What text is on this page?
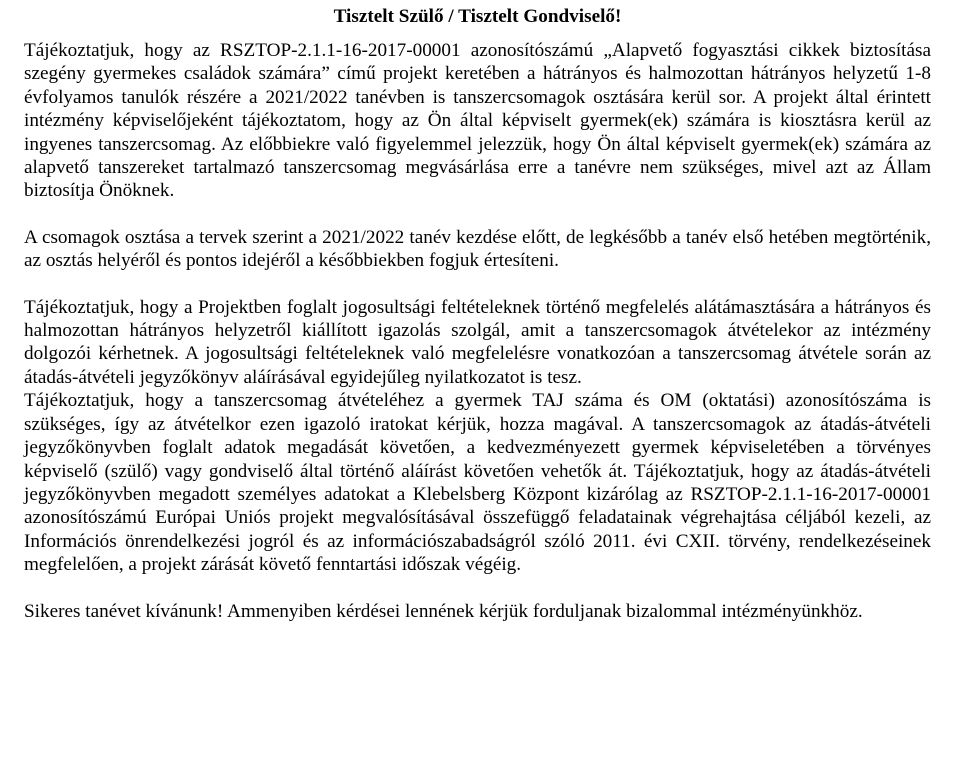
Tisztelt Szülő / Tisztelt Gondviselő!

Tájékoztatjuk, hogy az RSZTOP-2.1.1-16-2017-00001 azonosítószámú „Alapvető fogyasztási cikkek biztosítása szegény gyermekes családok számára” című projekt keretében a hátrányos és halmozottan hátrányos helyzetű 1-8 évfolyamos tanulók részére a 2021/2022 tanévben is tanszercsomagok osztására kerül sor. A projekt által érintett intézmény képviselőjeként tájékoztatom, hogy az Ön által képviselt gyermek(ek) számára is kiosztásra kerül az ingyenes tanszercsomag. Az előbbiekre való figyelemmel jelezzük, hogy Ön által képviselt gyermek(ek) számára az alapvető tanszereket tartalmazó tanszercsomag megvásárlása erre a tanévre nem szükséges, mivel azt az Állam biztosítja Önöknek.

A csomagok osztása a tervek szerint a 2021/2022 tanév kezdése előtt, de legkésőbb a tanév első hetében megtörténik, az osztás helyéről és pontos idejéről a későbbiekben fogjuk értesíteni.

Tájékoztatjuk, hogy a Projektben foglalt jogosultsági feltételeknek történő megfelelés alátámasztására a hátrányos és halmozottan hátrányos helyzetről kiállított igazolás szolgál, amit a tanszercsomagok átvételekor az intézmény dolgozói kérhetnek. A jogosultsági feltételeknek való megfelelésre vonatkozóan a tanszercsomag átvétele során az átadás-átvételi jegyzőkönyv aláírásával egyidejűleg nyilatkozatot is tesz.

Tájékoztatjuk, hogy a tanszercsomag átvételéhez a gyermek TAJ száma és OM (oktatási) azonosítószáma is szükséges, így az átvételkor ezen igazoló iratokat kérjük, hozza magával. A tanszercsomagok az átadás-átvételi jegyzőkönyvben foglalt adatok megadását követően, a kedvezményezett gyermek képviseletében a törvényes képviselő (szülő) vagy gondviselő által történő aláírást követően vehetők át. Tájékoztatjuk, hogy az átadás-átvételi jegyzőkönyvben megadott személyes adatokat a Klebelsberg Központ kizárólag az RSZTOP-2.1.1-16-2017-00001 azonosítószámú Európai Uniós projekt megvalósításával összefüggő feladatainak végrehajtása céljából kezeli, az Információs önrendelkezési jogról és az információszabadságról szóló 2011. évi CXII. törvény, rendelkezéseinek megfelelően, a projekt zárását követő fenntartási időszak végéig.

Sikeres tanévet kívánunk! Ammenyiben kérdései lennének kérjük forduljanak bizalommal intézményünkhöz.
